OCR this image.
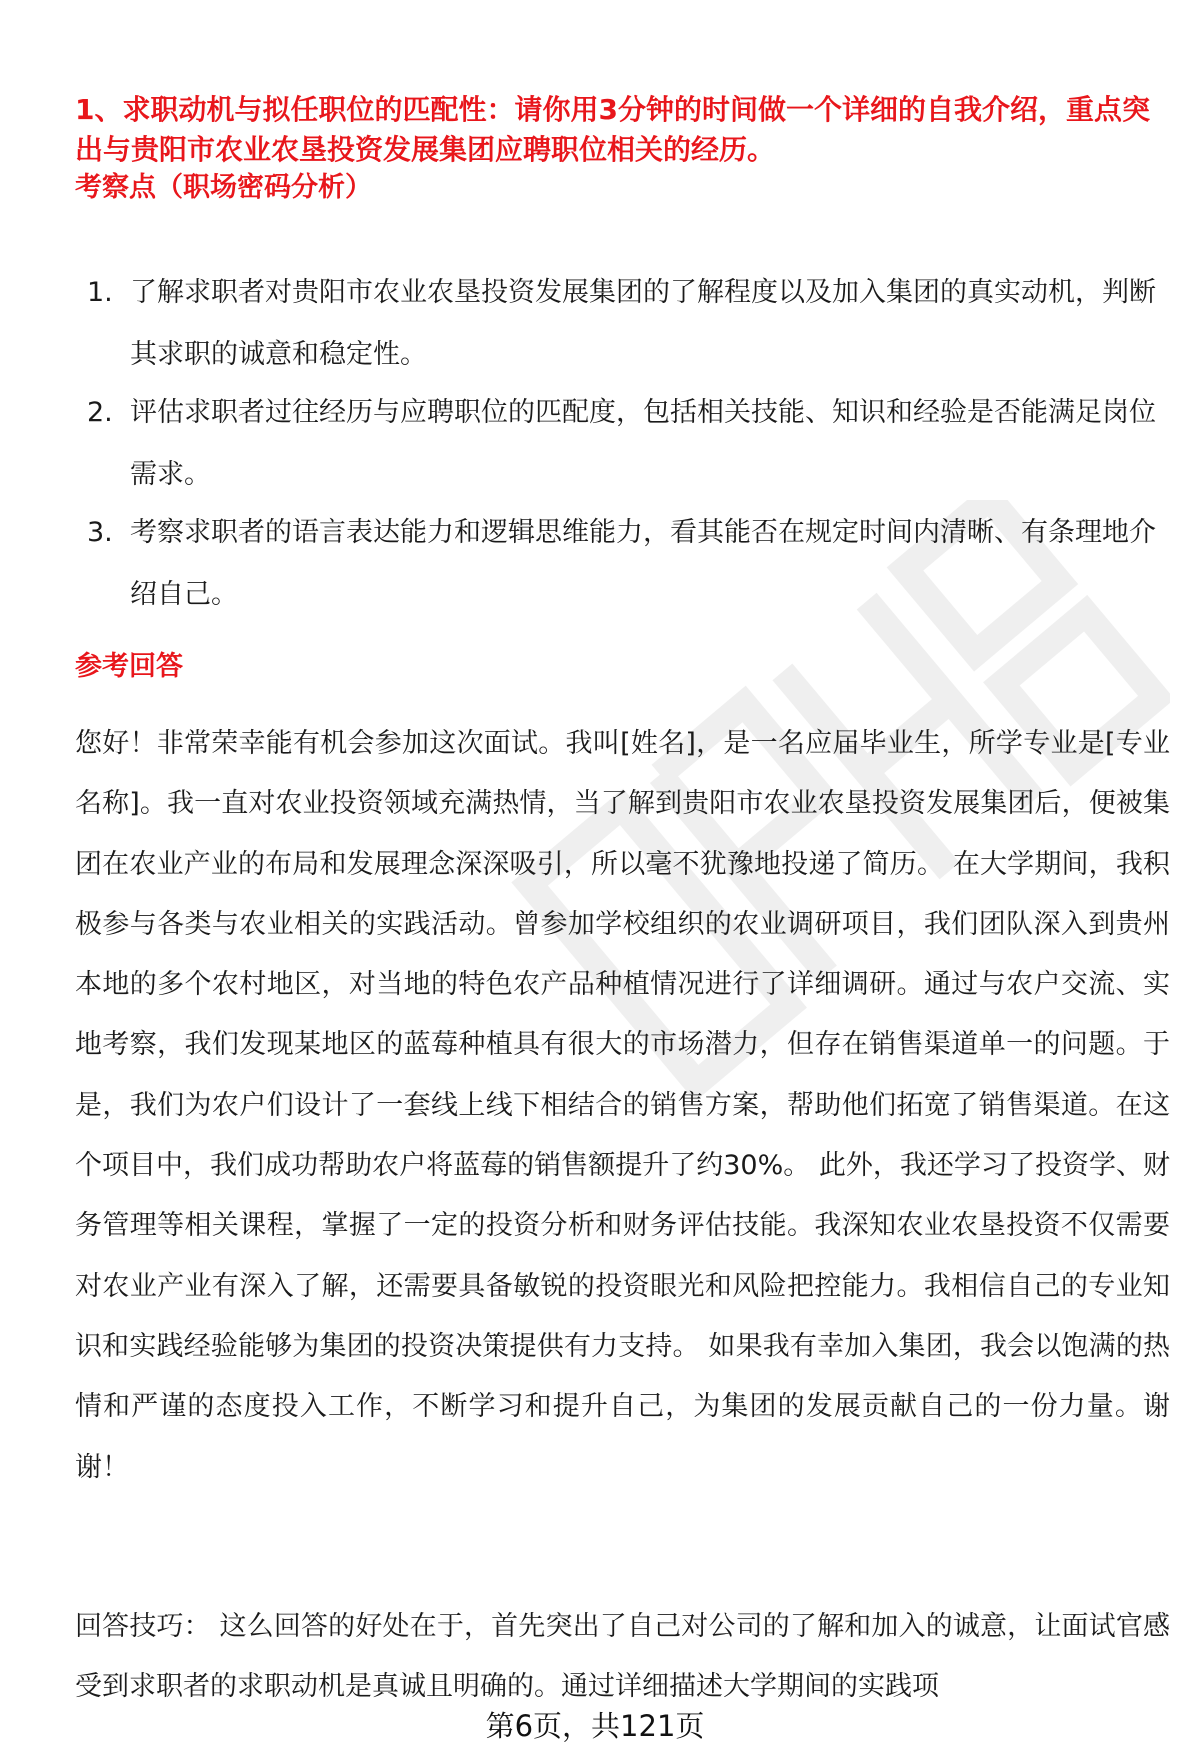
1、求职动机与拟任职位的匹配性：请你用3分钟的时间做一个详细的自我介绍，重点突出与贵阳市农业农垦投资发展集团应聘职位相关的经历。
考察点（职场密码分析）
1. 了解求职者对贵阳市农业农垦投资发展集团的了解程度以及加入集团的真实动机，判断其求职的诚意和稳定性。
2. 评估求职者过往经历与应聘职位的匹配度，包括相关技能、知识和经验是否能满足岗位需求。
3. 考察求职者的语言表达能力和逻辑思维能力，看其能否在规定时间内清晰、有条理地介绍自己。
参考回答

您好！非常荣幸能有机会参加这次面试。我叫[姓名]，是一名应届毕业生，所学专业是[专业名称]。我一直对农业投资领域充满热情，当了解到贵阳市农业农垦投资发展集团后，便被集团在农业产业的布局和发展理念深深吸引，所以毫不犹豫地投递了简历。 在大学期间，我积极参与各类与农业相关的实践活动。曾参加学校组织的农业调研项目，我们团队深入到贵州本地的多个农村地区，对当地的特色农产品种植情况进行了详细调研。通过与农户交流、实地考察，我们发现某地区的蓝莓种植具有很大的市场潜力，但存在销售渠道单一的问题。于是，我们为农户们设计了一套线上线下相结合的销售方案，帮助他们拓宽了销售渠道。在这个项目中，我们成功帮助农户将蓝莓的销售额提升了约30%。 此外，我还学习了投资学、财务管理等相关课程，掌握了一定的投资分析和财务评估技能。我深知农业农垦投资不仅需要对农业产业有深入了解，还需要具备敏锐的投资眼光和风险把控能力。我相信自己的专业知识和实践经验能够为集团的投资决策提供有力支持。 如果我有幸加入集团，我会以饱满的热情和严谨的态度投入工作，不断学习和提升自己，为集团的发展贡献自己的一份力量。谢谢！

回答技巧： 这么回答的好处在于，首先突出了自己对公司的了解和加入的诚意，让面试官感受到求职者的求职动机是真诚且明确的。通过详细描述大学期间的实践项

第6页，共121页
